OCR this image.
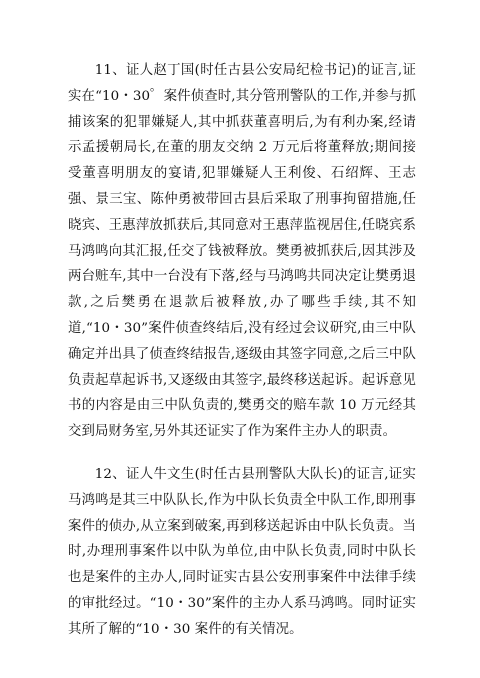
11、证人赵丁国(时任古县公安局纪检书记)的证言,证实在“10・30゜案件侦查时,其分管刑警队的工作,并参与抓捕该案的犯罪嫌疑人,其中抓获董喜明后,为有利办案,经请示孟援朝局长,在董的朋友交纳 2 万元后将董释放;期间接受董喜明朋友的宴请,犯罪嫌疑人王利俊、石绍辉、王志强、景三宝、陈仲勇被带回古县后采取了刑事拘留措施,任晓宾、王惠萍放抓获后,其同意对王惠萍监视居住,任晓宾系马鸿鸣向其汇报,任交了钱被释放。樊勇被抓获后,因其涉及两台赃车,其中一台没有下落,经与马鸿鸣共同决定让樊勇退款,之后樊勇在退款后被释放,办了哪些手续,其不知道,“10・30”案件侦查终结后,没有经过会议研究,由三中队确定并出具了侦查终结报告,逐级由其签字同意,之后三中队负责起草起诉书,又逐级由其签字,最终移送起诉。起诉意见书的内容是由三中队负责的,樊勇交的赔车款 10 万元经其交到局财务室,另外其还证实了作为案件主办人的职责。

12、证人牛文生(时任古县刑警队大队长)的证言,证实马鸿鸣是其三中队队长,作为中队长负责全中队工作,即刑事案件的侦办,从立案到破案,再到移送起诉由中队长负责。当时,办理刑事案件以中队为单位,由中队长负责,同时中队长也是案件的主办人,同时证实古县公安刑事案件中法律手续的审批经过。“10・30”案件的主办人系马鸿鸣。同时证实其所了解的“10・30 案件的有关情况。
